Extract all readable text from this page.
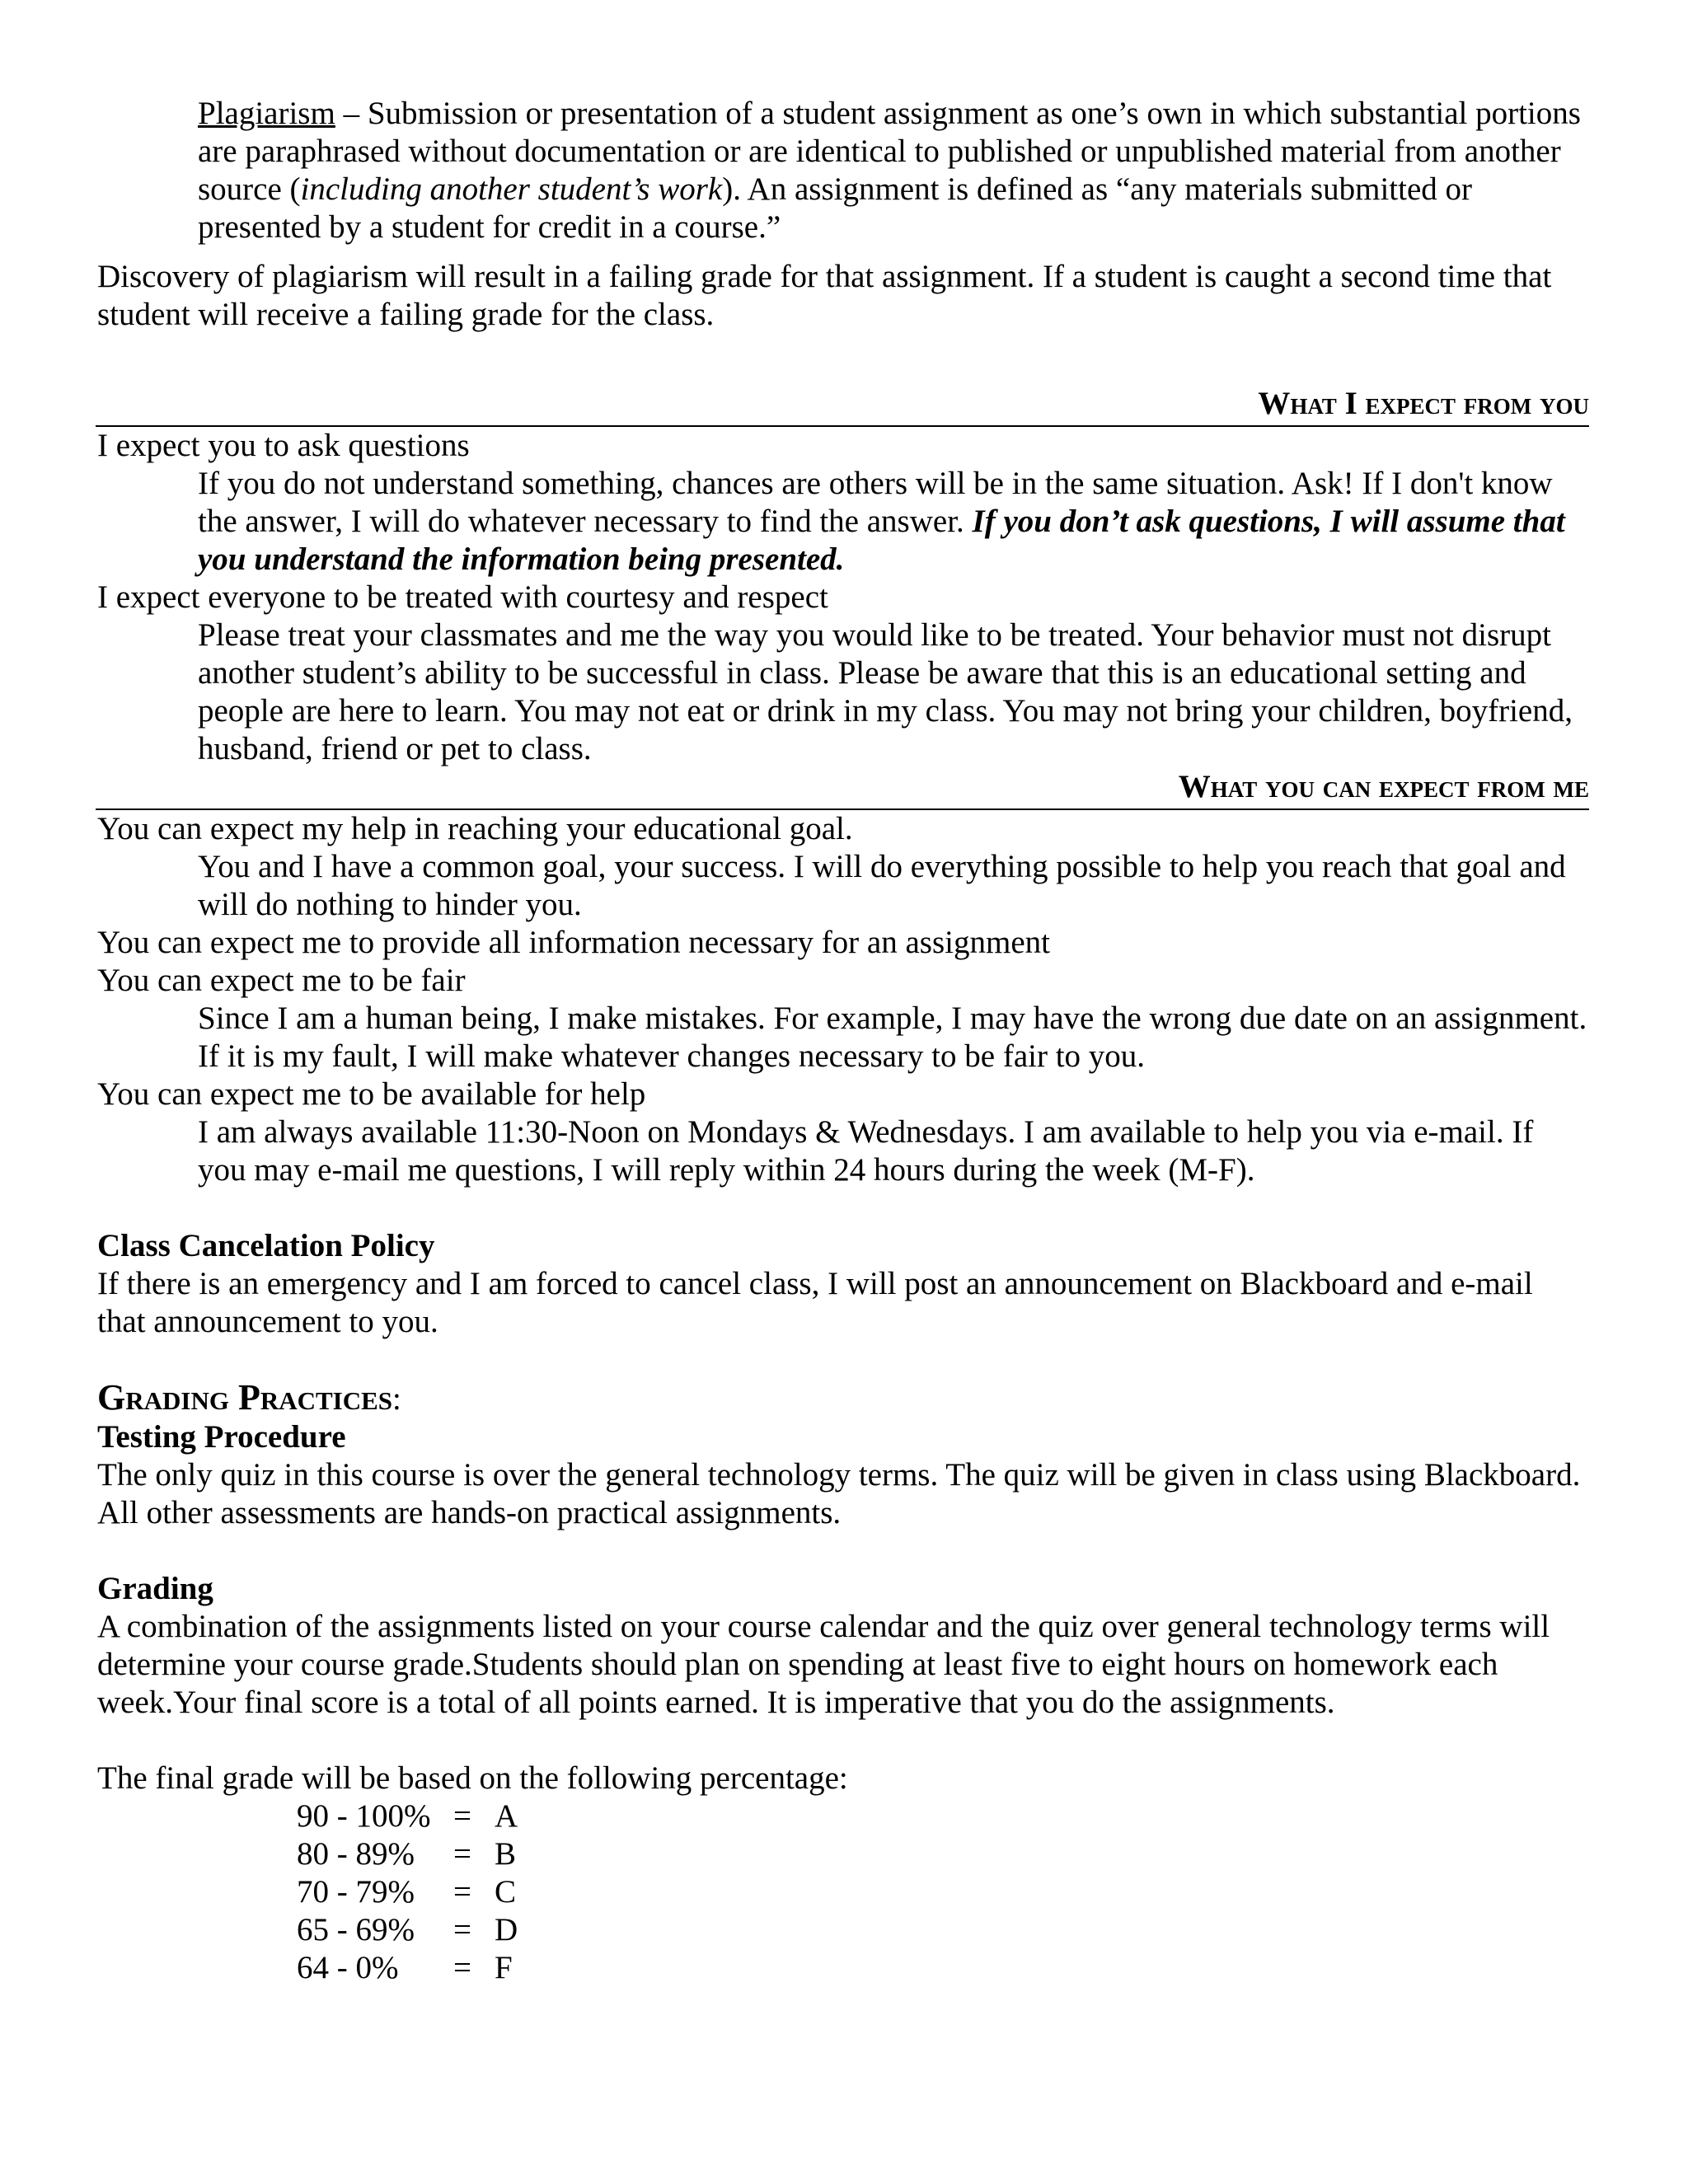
Plagiarism – Submission or presentation of a student assignment as one’s own in which substantial portions are paraphrased without documentation or are identical to published or unpublished material from another source (including another student’s work). An assignment is defined as “any materials submitted or presented by a student for credit in a course.”

Discovery of plagiarism will result in a failing grade for that assignment. If a student is caught a second time that student will receive a failing grade for the class.

What I expect from you

I expect you to ask questions

If you do not understand something, chances are others will be in the same situation. Ask! If I don't know the answer, I will do whatever necessary to find the answer. If you don’t ask questions, I will assume that you understand the information being presented.

I expect everyone to be treated with courtesy and respect

Please treat your classmates and me the way you would like to be treated. Your behavior must not disrupt another student’s ability to be successful in class. Please be aware that this is an educational setting and people are here to learn. You may not eat or drink in my class. You may not bring your children, boyfriend, husband, friend or pet to class.

What you can expect from me

You can expect my help in reaching your educational goal.

You and I have a common goal, your success. I will do everything possible to help you reach that goal and will do nothing to hinder you.

You can expect me to provide all information necessary for an assignment

You can expect me to be fair

Since I am a human being, I make mistakes. For example, I may have the wrong due date on an assignment. If it is my fault, I will make whatever changes necessary to be fair to you.

You can expect me to be available for help

I am always available 11:30-Noon on Mondays & Wednesdays. I am available to help you via e-mail. If you may e-mail me questions, I will reply within 24 hours during the week (M-F).

Class Cancelation Policy

If there is an emergency and I am forced to cancel class, I will post an announcement on Blackboard and e-mail that announcement to you.

Grading Practices:

Testing Procedure

The only quiz in this course is over the general technology terms. The quiz will be given in class using Blackboard. All other assessments are hands-on practical assignments.

Grading

A combination of the assignments listed on your course calendar and the quiz over general technology terms will determine your course grade.Students should plan on spending at least five to eight hours on homework each week.Your final score is a total of all points earned. It is imperative that you do the assignments.

The final grade will be based on the following percentage:

90 - 100% = A
80 - 89%	= B
70 - 79%	= C
65 - 69%	= D
64 - 0%	= F
